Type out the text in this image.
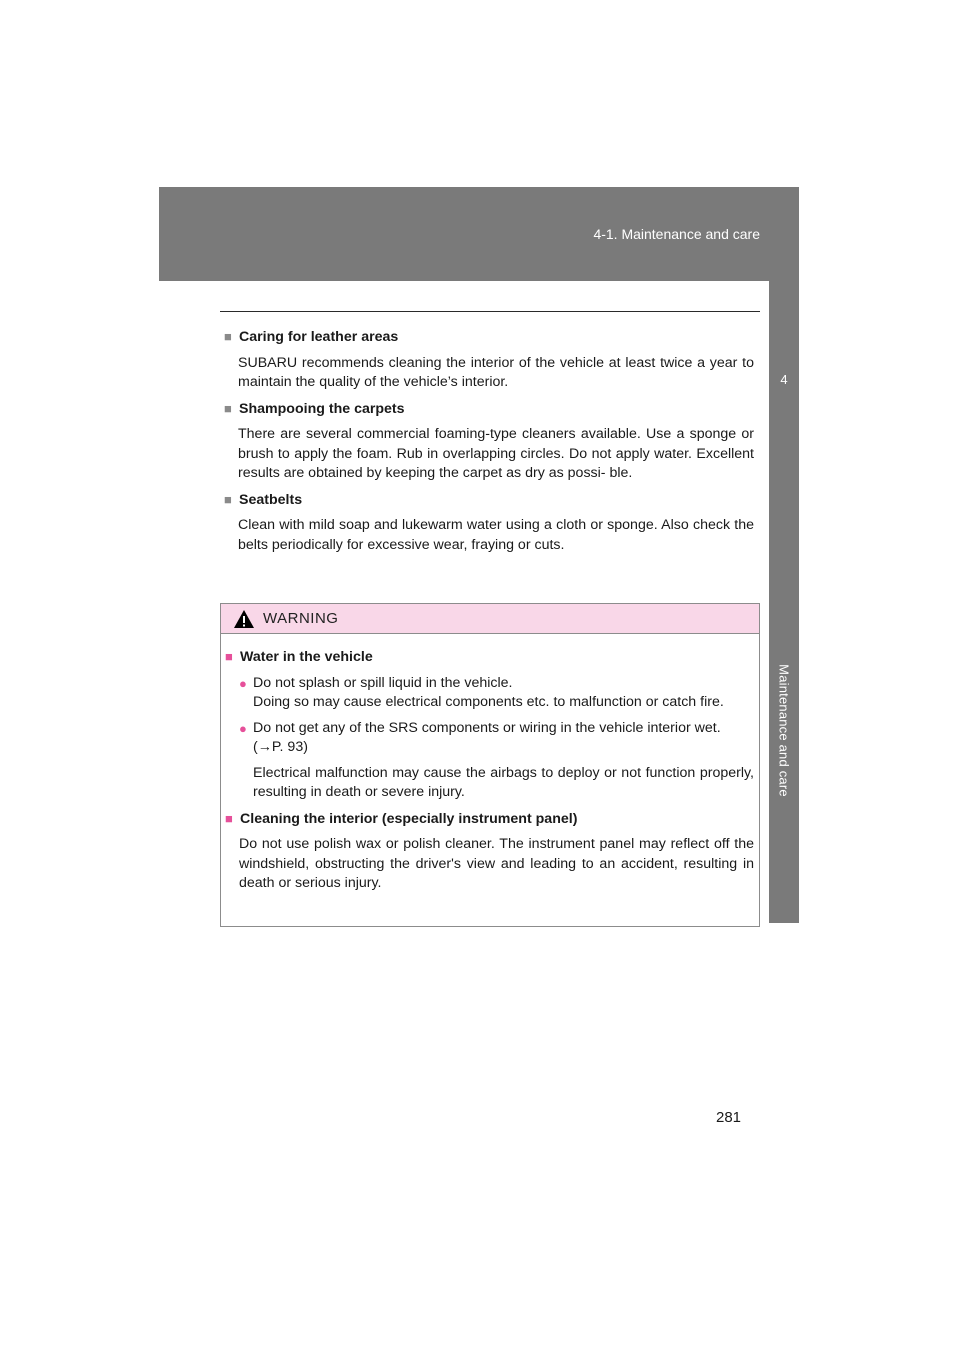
4-1. Maintenance and care
4
Maintenance and care
■ Caring for leather areas
SUBARU recommends cleaning the interior of the vehicle at least twice a year to maintain the quality of the vehicle’s interior.
■ Shampooing the carpets
There are several commercial foaming-type cleaners available. Use a sponge or brush to apply the foam. Rub in overlapping circles. Do not apply water. Excellent results are obtained by keeping the carpet as dry as possi- ble.
■ Seatbelts
Clean with mild soap and lukewarm water using a cloth or sponge. Also check the belts periodically for excessive wear, fraying or cuts.
WARNING
■ Water in the vehicle
● Do not splash or spill liquid in the vehicle.
Doing so may cause electrical components etc. to malfunction or catch fire.
● Do not get any of the SRS components or wiring in the vehicle interior wet.
(→P. 93)
Electrical malfunction may cause the airbags to deploy or not function properly, resulting in death or severe injury.
■ Cleaning the interior (especially instrument panel)
Do not use polish wax or polish cleaner. The instrument panel may reflect off the windshield, obstructing the driver's view and leading to an accident, resulting in death or serious injury.
281
